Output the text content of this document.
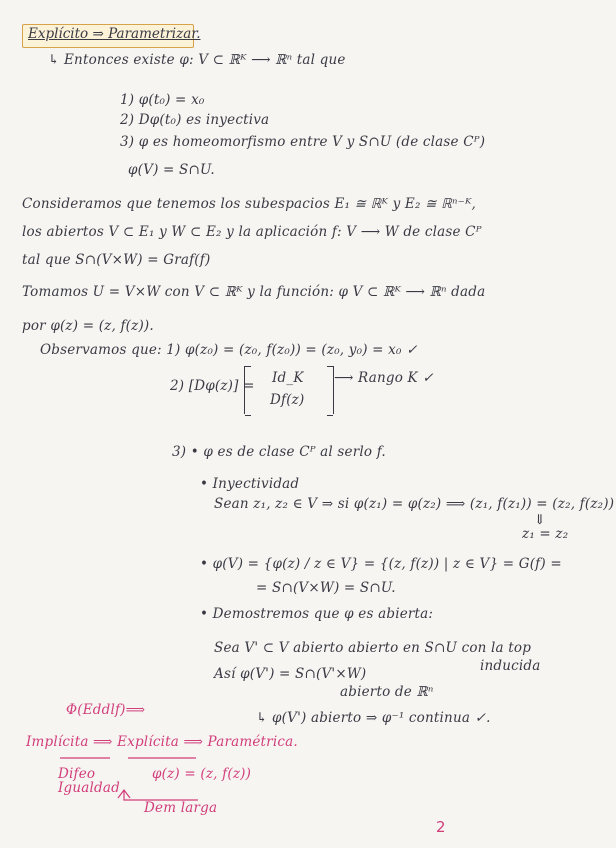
Explícito ⇒ Parametrizar.
↳ Entonces existe φ: V ⊂ ℝᴷ ⟶ ℝⁿ tal que
1) φ(t₀) = x₀
2) Dφ(t₀) es inyectiva
3) φ es homeomorfismo entre V y S∩U (de clase Cᴾ)
φ(V) = S∩U.
Consideramos que tenemos los subespacios E₁ ≅ ℝᴷ y E₂ ≅ ℝⁿ⁻ᴷ,
los abiertos V ⊂ E₁ y W ⊂ E₂ y la aplicación f: V ⟶ W de clase Cᴾ
tal que S∩(V×W) = Graf(f)
Tomamos U = V×W con V ⊂ ℝᴷ y la función: φ V ⊂ ℝᴷ ⟶ ℝⁿ dada
por φ(z) = (z, f(z)).
Observamos que: 1) φ(z₀) = (z₀, f(z₀)) = (z₀, y₀) = x₀ ✓
2) [Dφ(z)] = Id_K
Df(z)
⟶ Rango K ✓
3) • φ es de clase Cᴾ al serlo f.
• Inyectividad
Sean z₁, z₂ ∈ V ⇒ si φ(z₁) = φ(z₂) ⟹ (z₁, f(z₁)) = (z₂, f(z₂))
⇓
z₁ = z₂
• φ(V) = {φ(z) / z ∈ V} = {(z, f(z)) | z ∈ V} = G(f) =
= S∩(V×W) = S∩U.
• Demostremos que φ es abierta:
Sea V' ⊂ V abierto abierto en S∩U con la top
inducida
Así φ(V') = S∩(V'×W)
abierto de ℝⁿ
↳ φ(V') abierto ⇒ φ⁻¹ continua ✓.
Φ(Eddlf)⟹
Implícita ⟹ Explícita ⟹ Paramétrica.
Difeo
Igualdad
φ(z) = (z, f(z))
Dem larga
2
